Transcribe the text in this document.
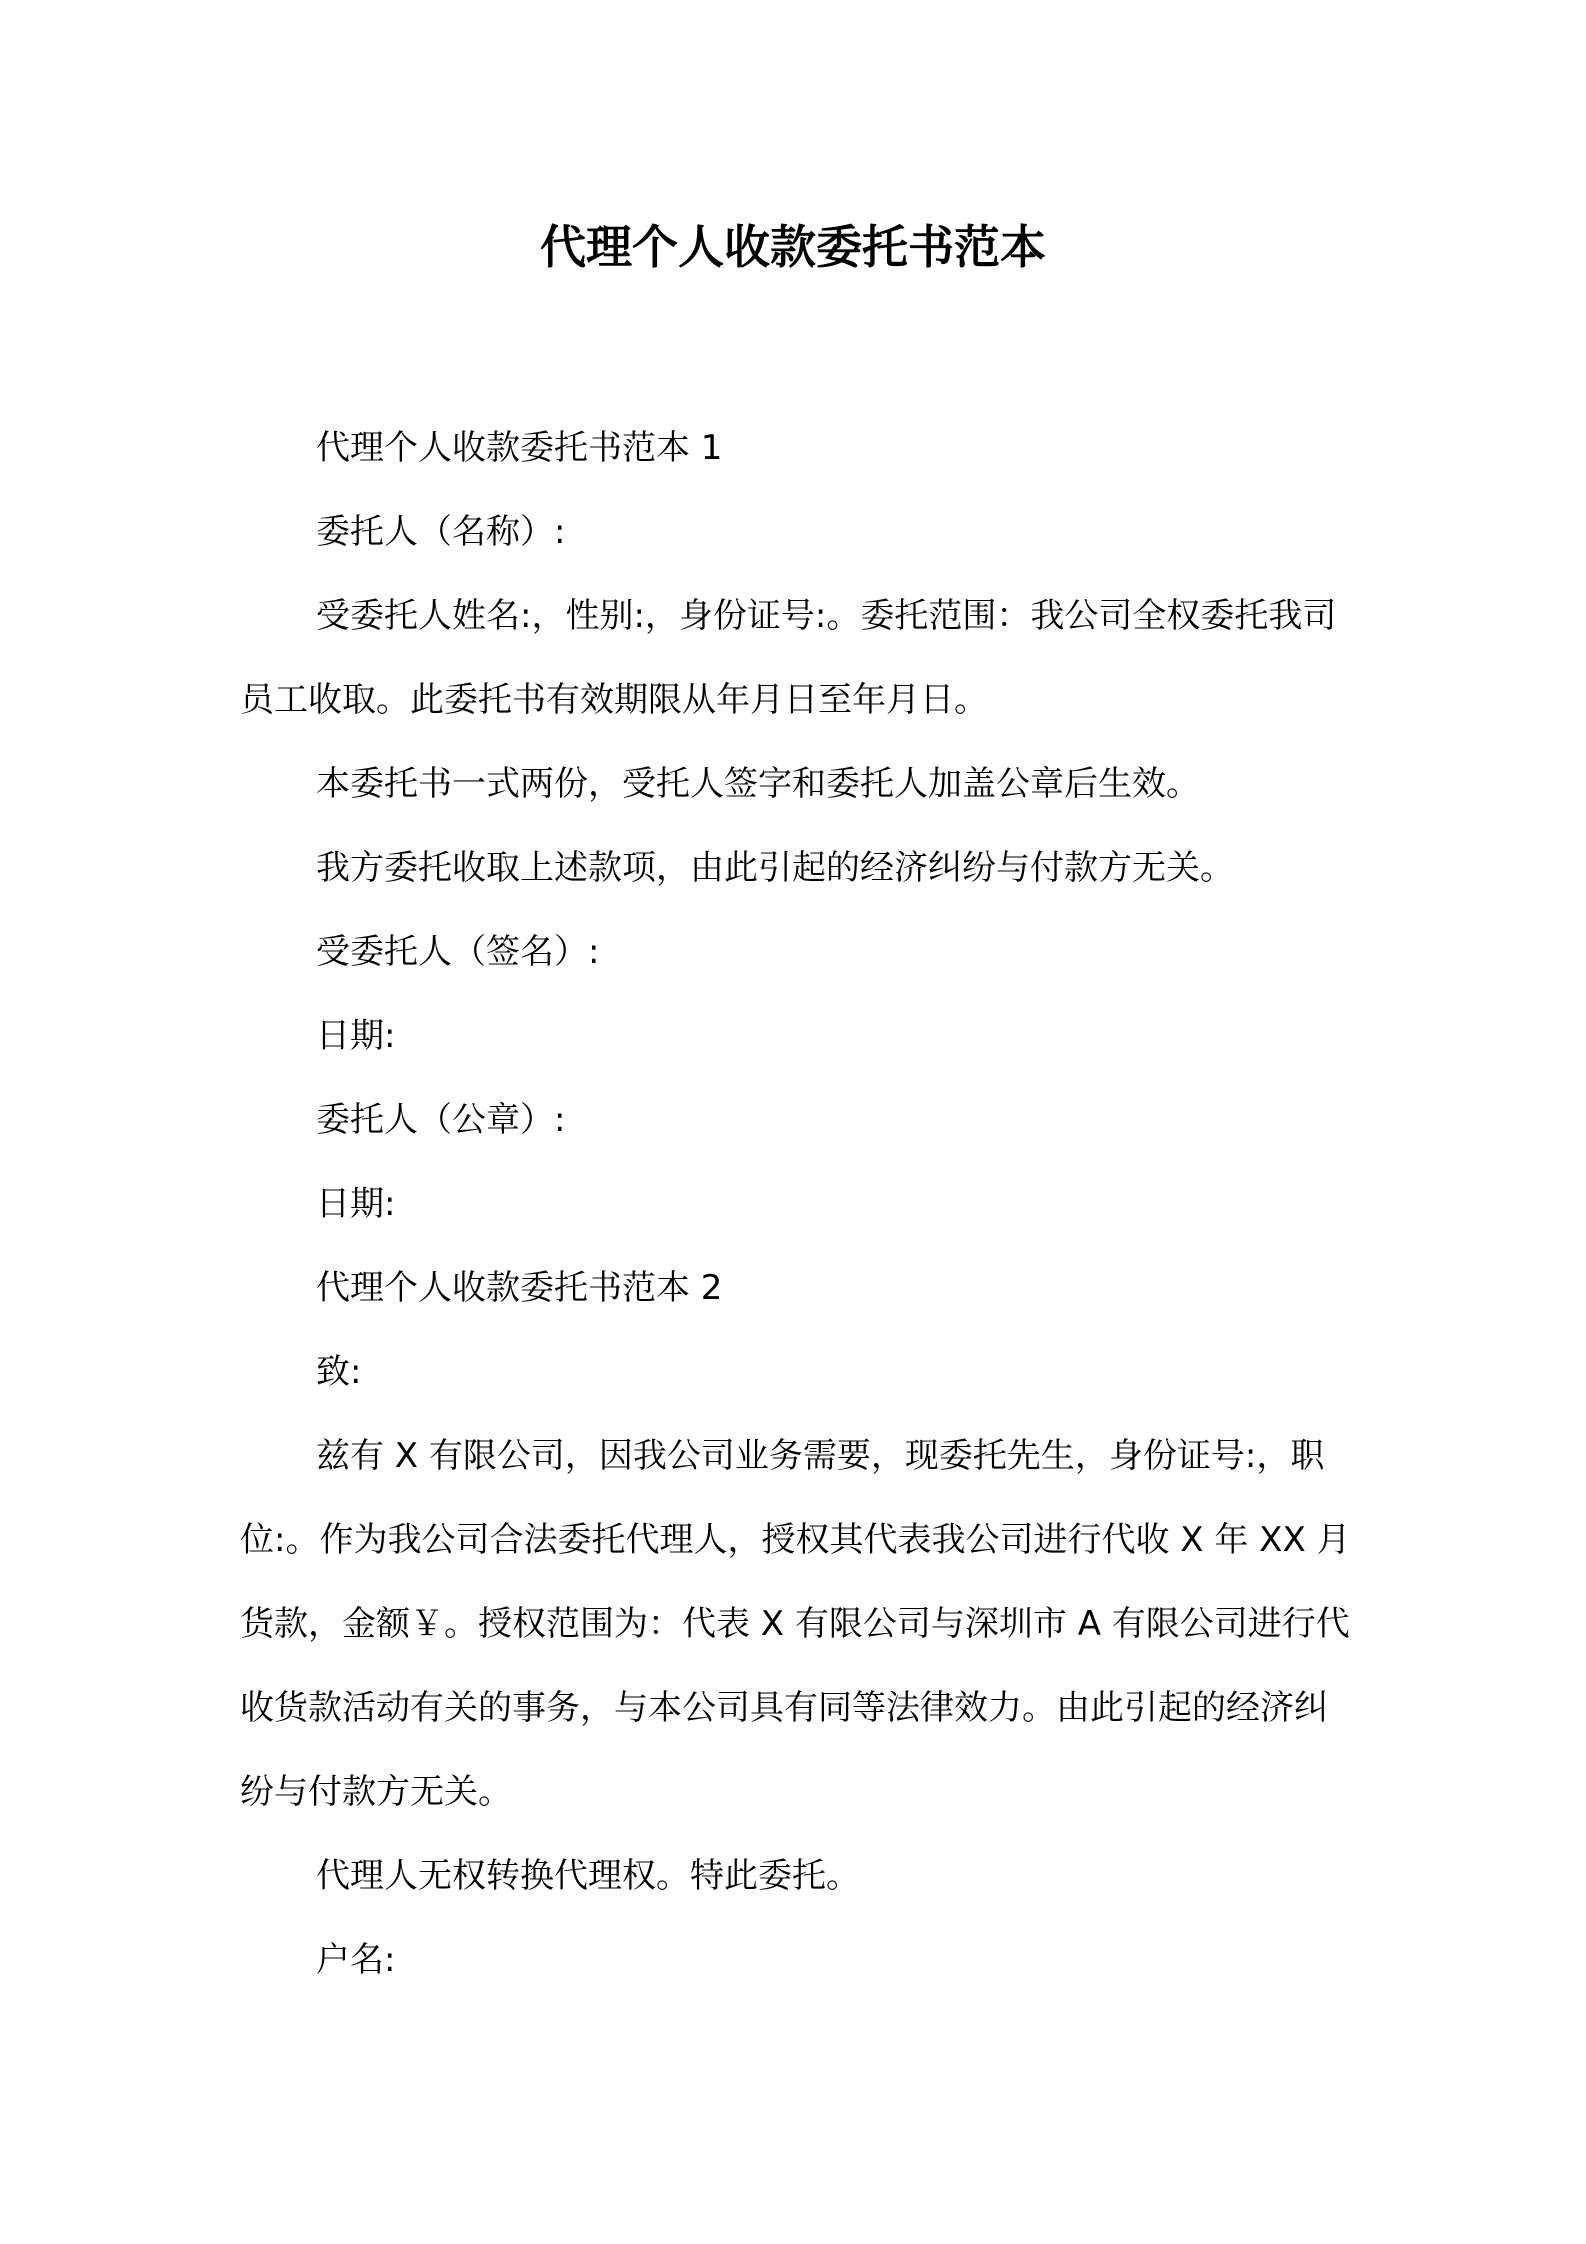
代理个人收款委托书范本

代理个人收款委托书范本 1

委托人（名称）:

受委托人姓名:，性别:，身份证号:。委托范围：我公司全权委托我司员工收取。此委托书有效期限从年月日至年月日。

本委托书一式两份，受托人签字和委托人加盖公章后生效。

我方委托收取上述款项，由此引起的经济纠纷与付款方无关。

受委托人（签名）:

日期:

委托人（公章）:

日期:

代理个人收款委托书范本 2

致:

兹有 X 有限公司，因我公司业务需要，现委托先生，身份证号:，职位:。作为我公司合法委托代理人，授权其代表我公司进行代收 X 年 XX 月货款，金额￥。授权范围为：代表 X 有限公司与深圳市 A 有限公司进行代收货款活动有关的事务，与本公司具有同等法律效力。由此引起的经济纠纷与付款方无关。

代理人无权转换代理权。特此委托。

户名:
